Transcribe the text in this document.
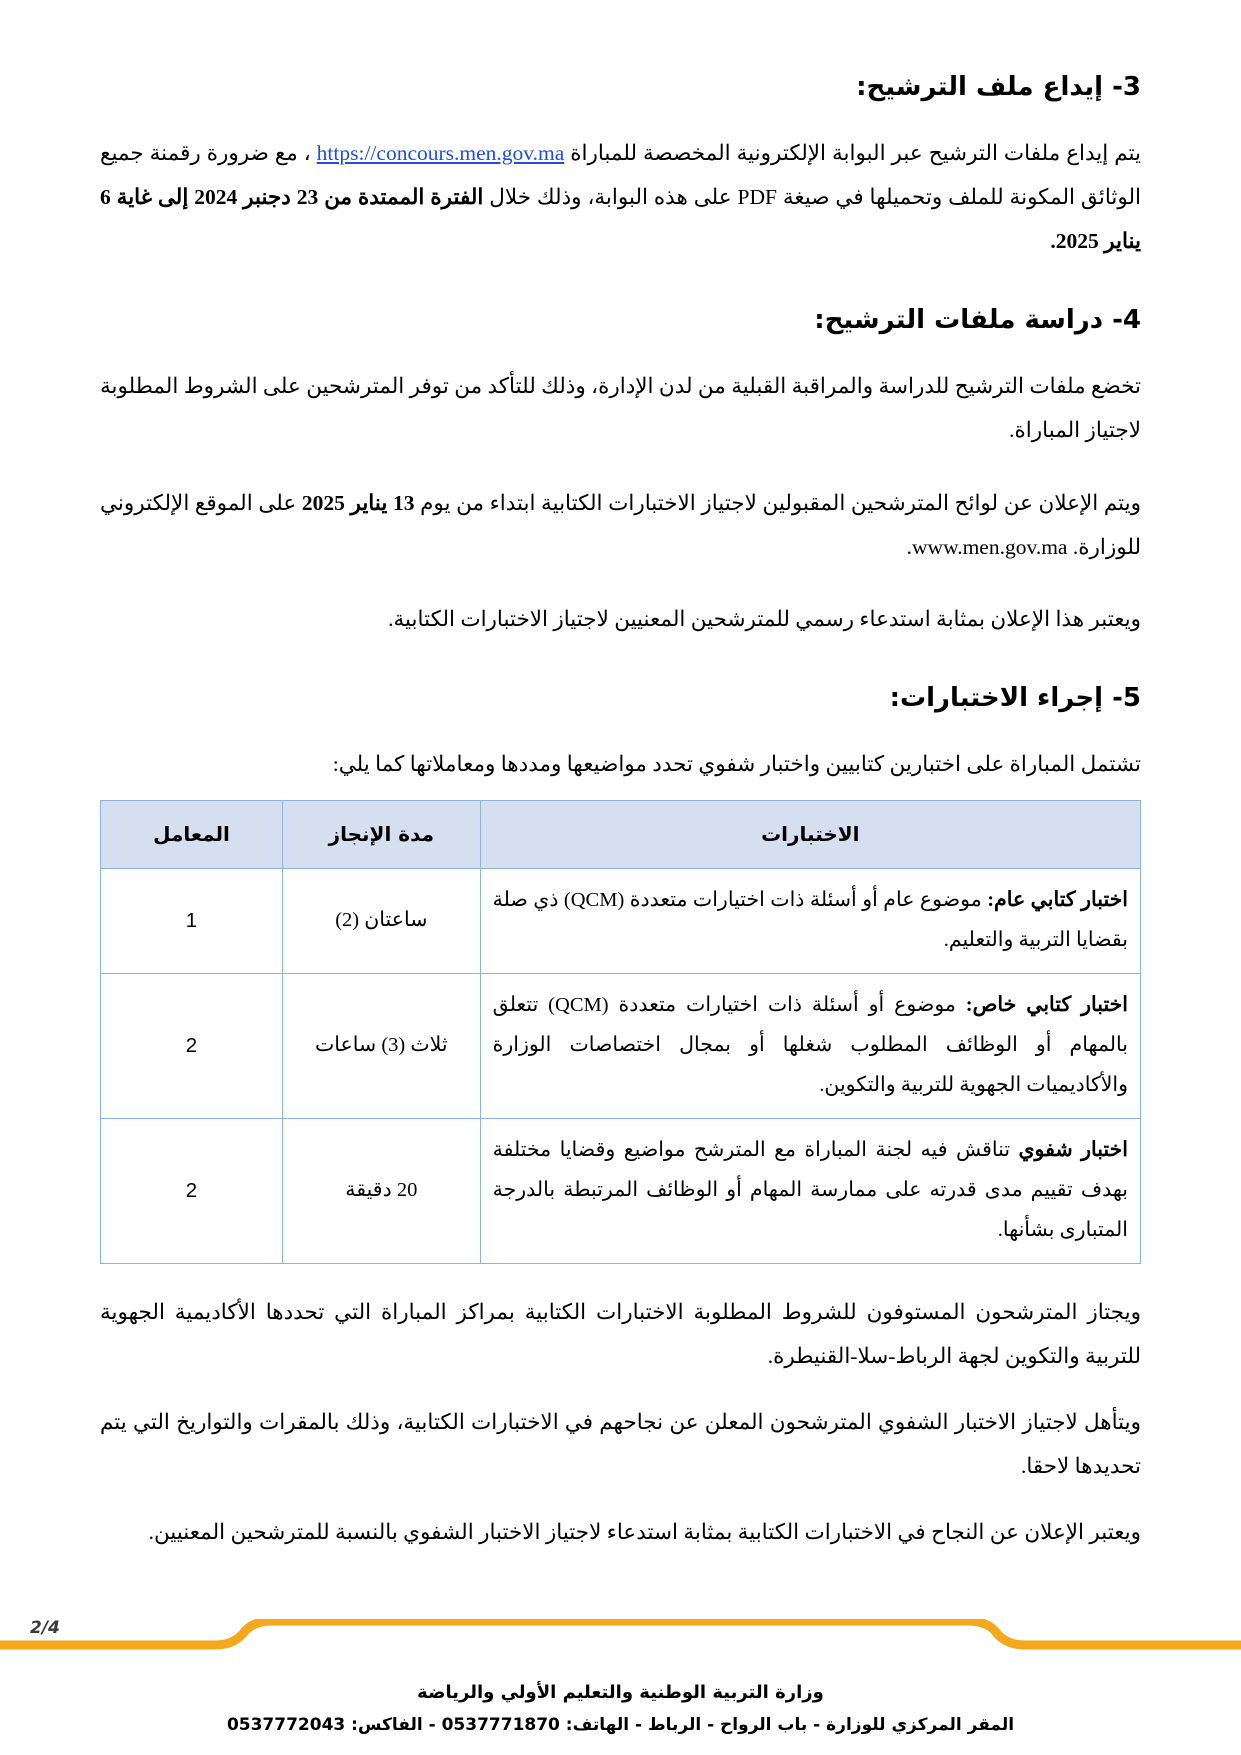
3- إيداع ملف الترشيح:

يتم إيداع ملفات الترشيح عبر البوابة الإلكترونية المخصصة للمباراة https://concours.men.gov.ma ، مع ضرورة رقمنة جميع الوثائق المكونة للملف وتحميلها في صيغة PDF على هذه البوابة، وذلك خلال الفترة الممتدة من 23 دجنبر 2024 إلى غاية 6 يناير 2025.

4- دراسة ملفات الترشيح:

تخضع ملفات الترشيح للدراسة والمراقبة القبلية من لدن الإدارة، وذلك للتأكد من توفر المترشحين على الشروط المطلوبة لاجتياز المباراة.

ويتم الإعلان عن لوائح المترشحين المقبولين لاجتياز الاختبارات الكتابية ابتداء من يوم 13 يناير 2025 على الموقع الإلكتروني للوزارة. www.men.gov.ma.

ويعتبر هذا الإعلان بمثابة استدعاء رسمي للمترشحين المعنيين لاجتياز الاختبارات الكتابية.

5- إجراء الاختبارات:

تشتمل المباراة على اختبارين كتابيين واختبار شفوي تحدد مواضيعها ومددها ومعاملاتها كما يلي:

الاختبارات	مدة الإنجاز	المعامل
اختبار كتابي عام: موضوع عام أو أسئلة ذات اختيارات متعددة (QCM) ذي صلة بقضايا التربية والتعليم.	ساعتان (2)	1
اختبار كتابي خاص: موضوع أو أسئلة ذات اختيارات متعددة (QCM) تتعلق بالمهام أو الوظائف المطلوب شغلها أو بمجال اختصاصات الوزارة والأكاديميات الجهوية للتربية والتكوين.	ثلاث (3) ساعات	2
اختبار شفوي تناقش فيه لجنة المباراة مع المترشح مواضيع وقضايا مختلفة بهدف تقييم مدى قدرته على ممارسة المهام أو الوظائف المرتبطة بالدرجة المتبارى بشأنها.	20 دقيقة	2

ويجتاز المترشحون المستوفون للشروط المطلوبة الاختبارات الكتابية بمراكز المباراة التي تحددها الأكاديمية الجهوية للتربية والتكوين لجهة الرباط-سلا-القنيطرة.

ويتأهل لاجتياز الاختبار الشفوي المترشحون المعلن عن نجاحهم في الاختبارات الكتابية، وذلك بالمقرات والتواريخ التي يتم تحديدها لاحقا.

ويعتبر الإعلان عن النجاح في الاختبارات الكتابية بمثابة استدعاء لاجتياز الاختبار الشفوي بالنسبة للمترشحين المعنيين.

2/4
وزارة التربية الوطنية والتعليم الأولي والرياضة
المقر المركزي للوزارة - باب الرواح - الرباط - الهاتف: 0537771870 - الفاكس: 0537772043
